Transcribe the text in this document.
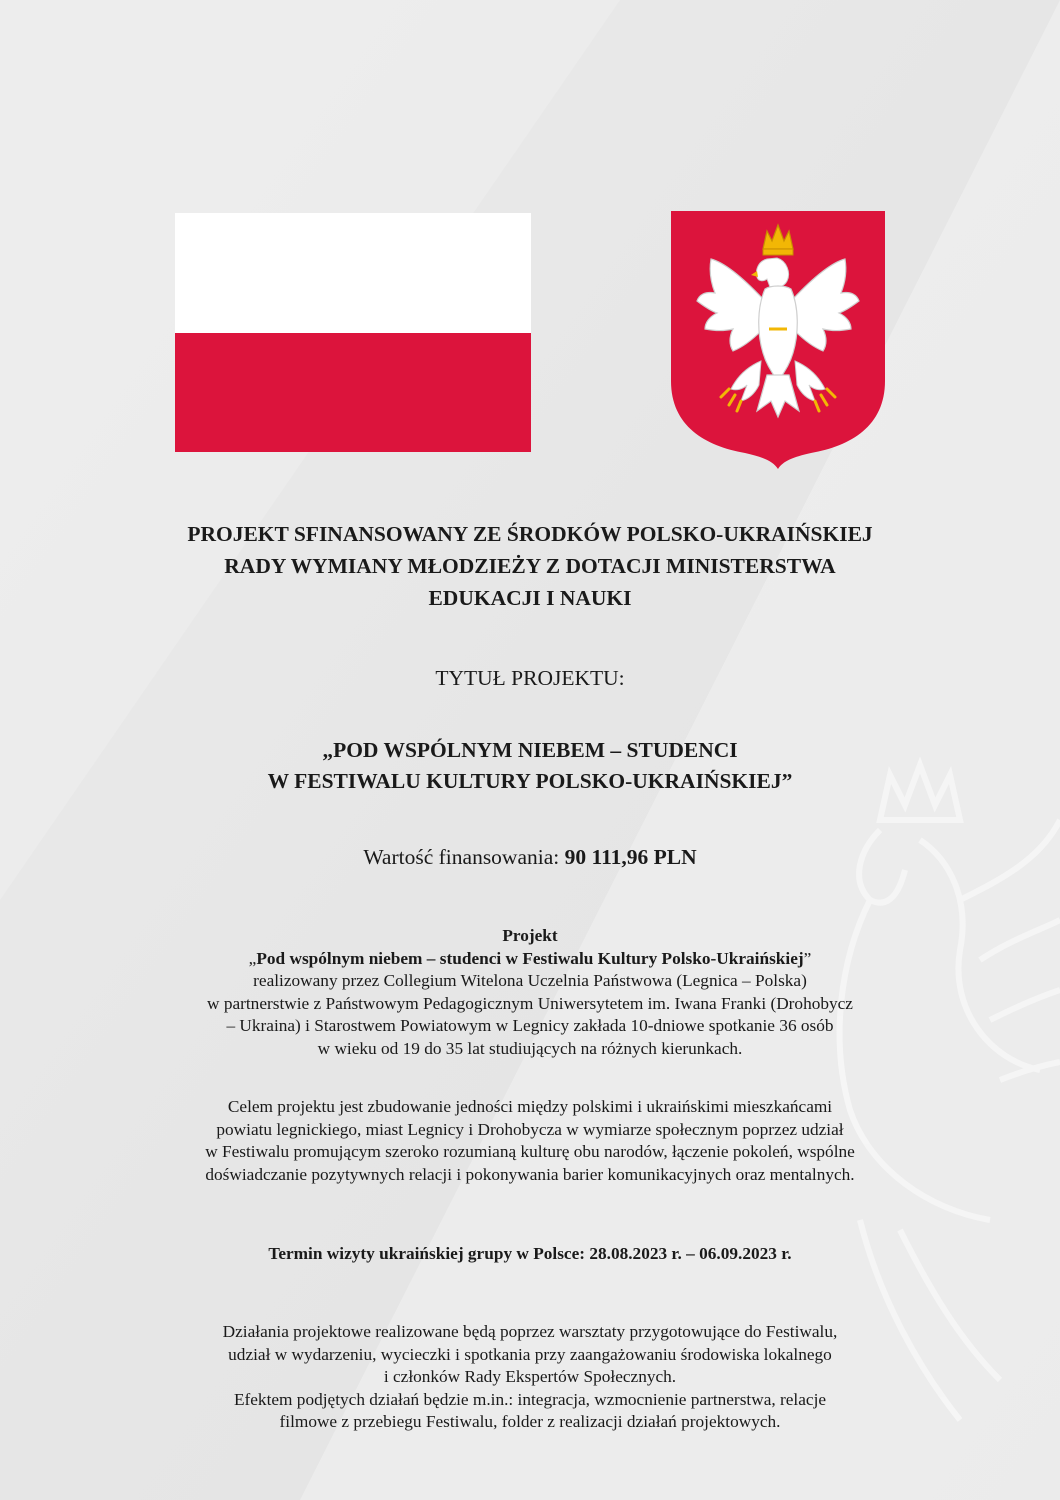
PROJEKT SFINANSOWANY ZE ŚRODKÓW POLSKO-UKRAIŃSKIEJ
RADY WYMIANY MŁODZIEŻY Z DOTACJI MINISTERSTWA
EDUKACJI I NAUKI
TYTUŁ PROJEKTU:
„POD WSPÓLNYM NIEBEM – STUDENCI
W FESTIWALU KULTURY POLSKO-UKRAIŃSKIEJ”
Wartość finansowania: 90 111,96 PLN
Projekt
„Pod wspólnym niebem – studenci w Festiwalu Kultury Polsko-Ukraińskiej”
realizowany przez Collegium Witelona Uczelnia Państwowa (Legnica – Polska)
w partnerstwie z Państwowym Pedagogicznym Uniwersytetem im. Iwana Franki (Drohobycz
– Ukraina) i Starostwem Powiatowym w Legnicy zakłada 10-dniowe spotkanie 36 osób
w wieku od 19 do 35 lat studiujących na różnych kierunkach.
Celem projektu jest zbudowanie jedności między polskimi i ukraińskimi mieszkańcami
powiatu legnickiego, miast Legnicy i Drohobycza w wymiarze społecznym poprzez udział
w Festiwalu promującym szeroko rozumianą kulturę obu narodów, łączenie pokoleń, wspólne
doświadczanie pozytywnych relacji i pokonywania barier komunikacyjnych oraz mentalnych.
Termin wizyty ukraińskiej grupy w Polsce: 28.08.2023 r. – 06.09.2023 r.
Działania projektowe realizowane będą poprzez warsztaty przygotowujące do Festiwalu,
udział w wydarzeniu, wycieczki i spotkania przy zaangażowaniu środowiska lokalnego
i członków Rady Ekspertów Społecznych.
Efektem podjętych działań będzie m.in.: integracja, wzmocnienie partnerstwa, relacje
filmowe z przebiegu Festiwalu, folder z realizacji działań projektowych.
